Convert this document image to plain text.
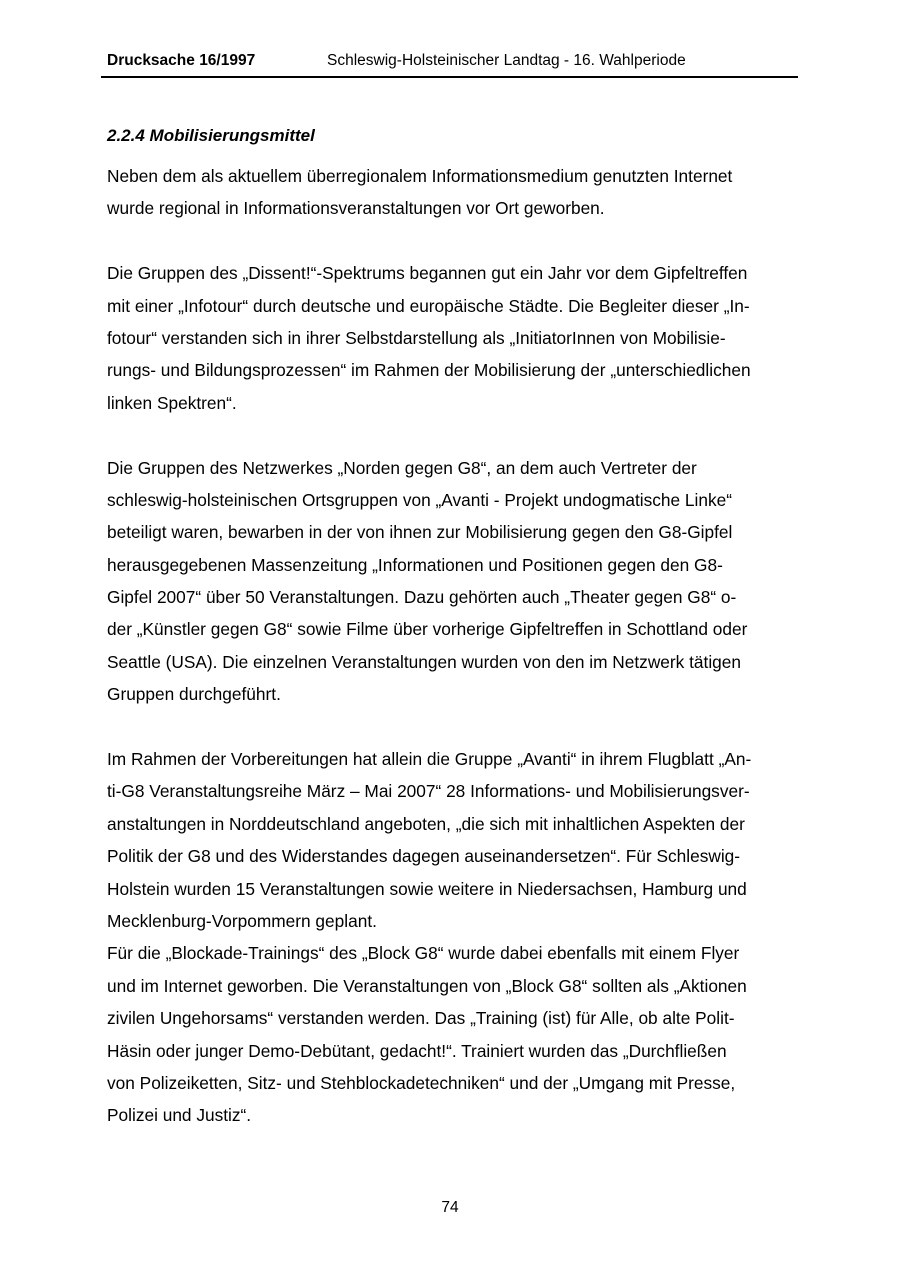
Drucksache 16/1997	Schleswig-Holsteinischer Landtag - 16. Wahlperiode
2.2.4 Mobilisierungsmittel
Neben dem als aktuellem überregionalem Informationsmedium genutzten Internet
wurde regional in Informationsveranstaltungen vor Ort geworben.
Die Gruppen des „Dissent!“-Spektrums begannen gut ein Jahr vor dem Gipfeltreffen
mit einer „Infotour“ durch deutsche und europäische Städte. Die Begleiter dieser „In-
fotour“ verstanden sich in ihrer Selbstdarstellung als „InitiatorInnen von Mobilisie-
rungs- und Bildungsprozessen“ im Rahmen der Mobilisierung der „unterschiedlichen
linken Spektren“.
Die Gruppen des Netzwerkes „Norden gegen G8“, an dem auch Vertreter der
schleswig-holsteinischen Ortsgruppen von „Avanti - Projekt undogmatische Linke“
beteiligt waren, bewarben in der von ihnen zur Mobilisierung gegen den G8-Gipfel
herausgegebenen Massenzeitung „Informationen und Positionen gegen den G8-
Gipfel 2007“ über 50 Veranstaltungen. Dazu gehörten auch „Theater gegen G8“ o-
der „Künstler gegen G8“ sowie Filme über vorherige Gipfeltreffen in Schottland oder
Seattle (USA). Die einzelnen Veranstaltungen wurden von den im Netzwerk tätigen
Gruppen durchgeführt.
Im Rahmen der Vorbereitungen hat allein die Gruppe „Avanti“ in ihrem Flugblatt „An-
ti-G8 Veranstaltungsreihe März – Mai 2007“ 28 Informations- und Mobilisierungsver-
anstaltungen in Norddeutschland angeboten, „die sich mit inhaltlichen Aspekten der
Politik der G8 und des Widerstandes dagegen auseinandersetzen“. Für Schleswig-
Holstein wurden 15 Veranstaltungen sowie weitere in Niedersachsen, Hamburg und
Mecklenburg-Vorpommern geplant.
Für die „Blockade-Trainings“ des „Block G8“ wurde dabei ebenfalls mit einem Flyer
und im Internet geworben. Die Veranstaltungen von „Block G8“ sollten als „Aktionen
zivilen Ungehorsams“ verstanden werden. Das „Training (ist) für Alle, ob alte Polit-
Häsin oder junger Demo-Debütant, gedacht!“. Trainiert wurden das „Durchfließen
von Polizeiketten, Sitz- und Stehblockadetechniken“ und der „Umgang mit Presse,
Polizei und Justiz“.
74
